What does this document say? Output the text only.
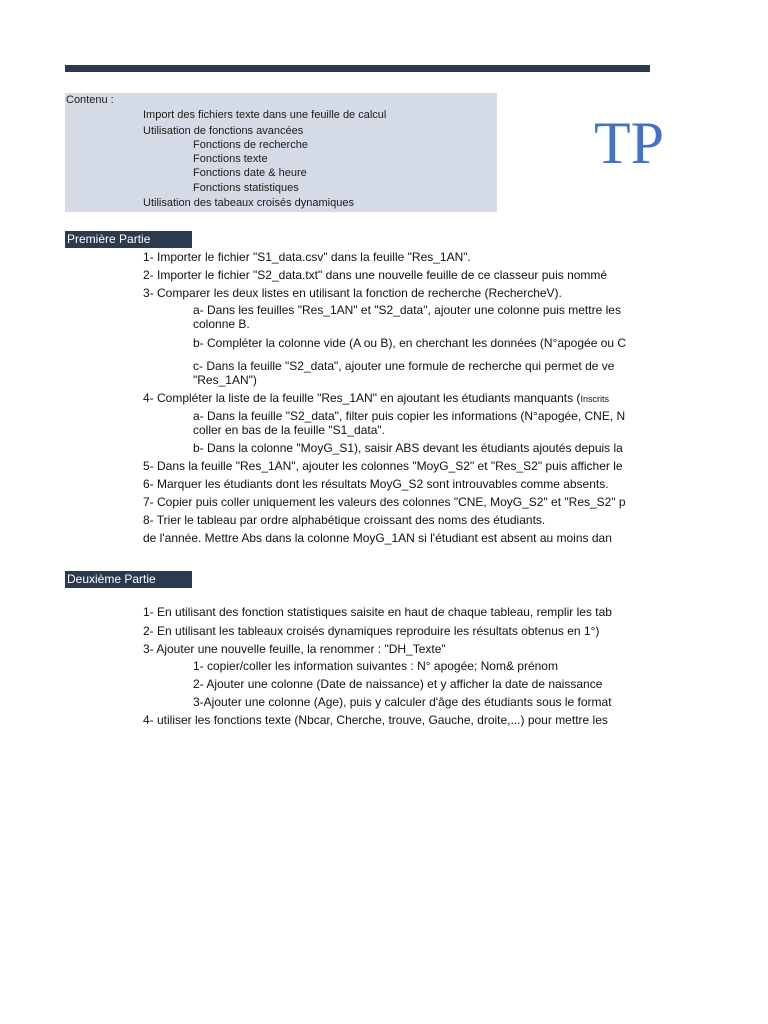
Contenu :
Import des fichiers texte dans une feuille de calcul
Utilisation de fonctions avancées
Fonctions de recherche
Fonctions texte
Fonctions date & heure
Fonctions statistiques
Utilisation des tabeaux croisés dynamiques
TP
Première Partie
1- Importer le fichier "S1_data.csv" dans la feuille "Res_1AN".
2- Importer le fichier "S2_data.txt" dans une nouvelle feuille de ce classeur puis nommé
3- Comparer les deux listes en utilisant la fonction de recherche (RechercheV).
a- Dans les feuilles "Res_1AN" et "S2_data", ajouter une colonne puis mettre les
colonne B.
b- Compléter la colonne vide (A ou B), en cherchant les données (N°apogée ou C
c- Dans la feuille "S2_data", ajouter une formule de recherche qui permet de ve
"Res_1AN")
4- Compléter la liste de la feuille "Res_1AN" en ajoutant les étudiants manquants (Inscrits
a- Dans la feuille "S2_data", filter puis copier les informations (N°apogée, CNE, N
coller en bas de la feuille "S1_data".
b- Dans la colonne "MoyG_S1), saisir ABS devant les étudiants ajoutés depuis la
5- Dans la feuille "Res_1AN", ajouter les colonnes "MoyG_S2" et "Res_S2" puis afficher le
6- Marquer les étudiants dont les résultats MoyG_S2 sont introuvables comme absents.
7- Copier puis coller uniquement les valeurs des colonnes "CNE, MoyG_S2" et "Res_S2" p
8- Trier le tableau par ordre alphabétique croissant des noms des étudiants.
de l'année. Mettre Abs dans la colonne MoyG_1AN si l'étudiant est absent au moins dan
Deuxième Partie
1- En utilisant des fonction statistiques saisite en haut de chaque tableau, remplir les tab
2- En utilisant les tableaux croisés dynamiques reproduire les résultats obtenus en 1°)
3- Ajouter une nouvelle feuille, la renommer : "DH_Texte"
1- copier/coller les information suivantes : N° apogée; Nom& prénom
2- Ajouter une colonne (Date de naissance) et y afficher la date de naissance
3-Ajouter une colonne (Age), puis y calculer d'âge des étudiants sous le format
4- utiliser les fonctions texte (Nbcar, Cherche, trouve, Gauche, droite,...) pour mettre les
